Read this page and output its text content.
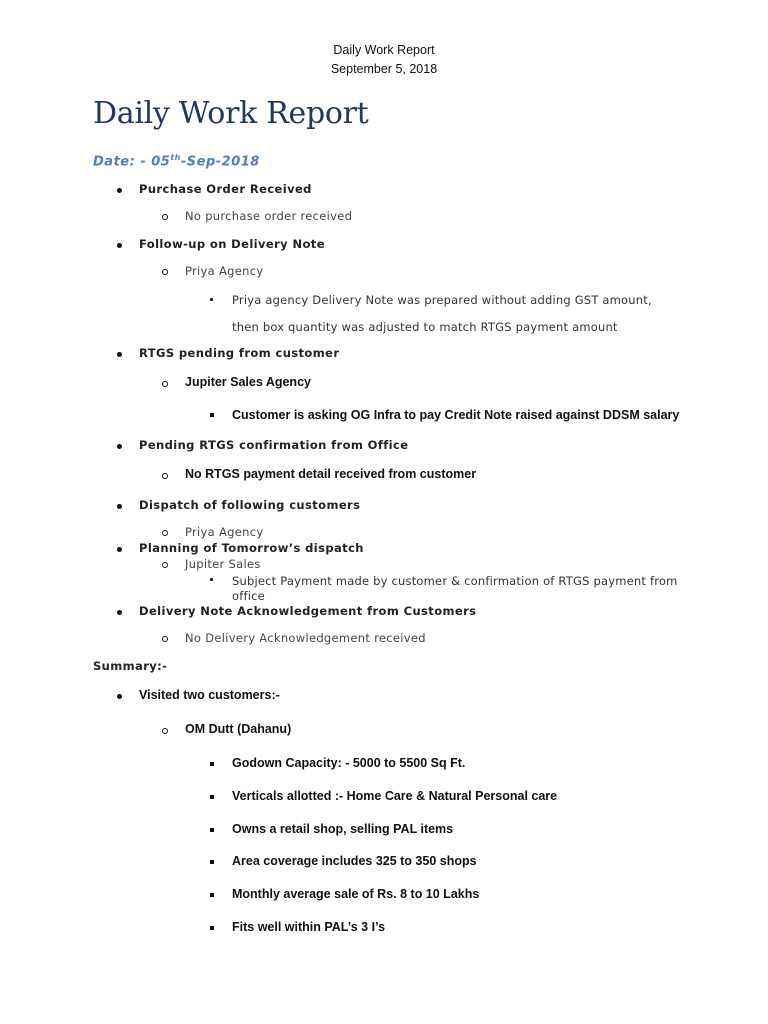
Daily Work Report
September 5, 2018
Daily Work Report
Date: - 05th-Sep-2018
Purchase Order Received
No purchase order received
Follow-up on Delivery Note
Priya Agency
Priya agency Delivery Note was prepared without adding GST amount,
then box quantity was adjusted to match RTGS payment amount
RTGS pending from customer
Jupiter Sales Agency
Customer is asking OG Infra to pay Credit Note raised against DDSM salary
Pending RTGS confirmation from Office
No RTGS payment detail received from customer
Dispatch of following customers
Priya Agency
Planning of Tomorrow’s dispatch
Jupiter Sales
Subject Payment made by customer & confirmation of RTGS payment from
office
Delivery Note Acknowledgement from Customers
No Delivery Acknowledgement received
Summary:-
Visited two customers:-
OM Dutt (Dahanu)
Godown Capacity: - 5000 to 5500 Sq Ft.
Verticals allotted :- Home Care & Natural Personal care
Owns a retail shop, selling PAL items
Area coverage includes 325 to 350 shops
Monthly average sale of Rs. 8 to 10 Lakhs
Fits well within PAL’s 3 I’s
